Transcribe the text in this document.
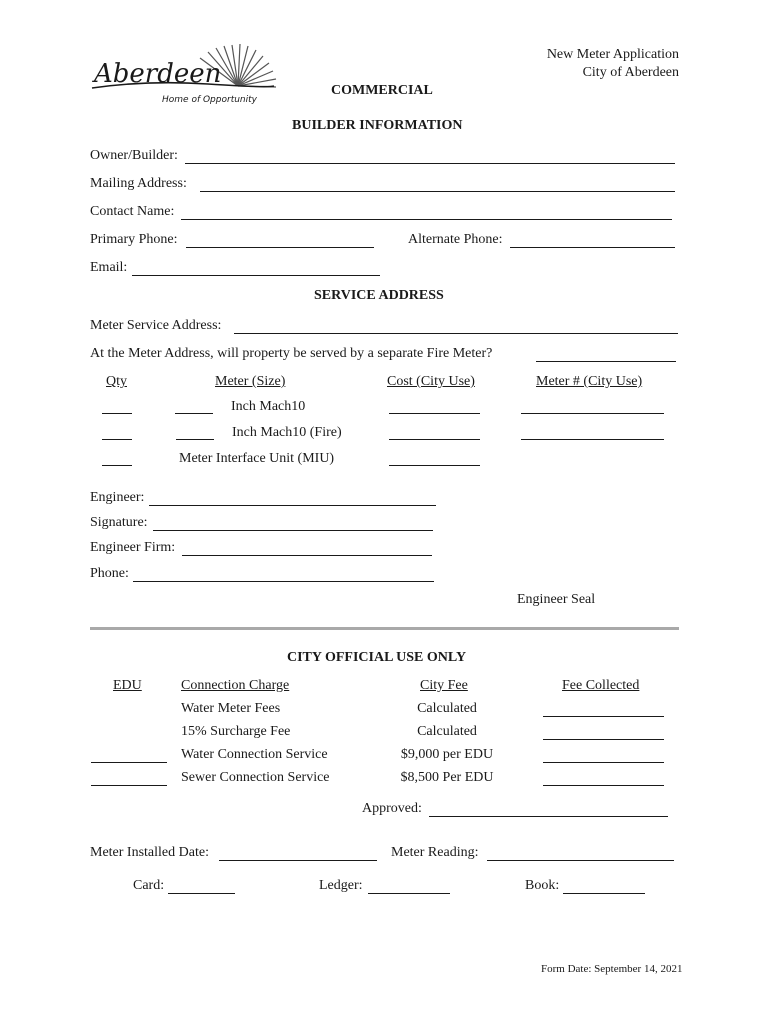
Aberdeen
Home of Opportunity
New Meter Application
City of Aberdeen
COMMERCIAL
BUILDER INFORMATION
Owner/Builder:
Mailing Address:
Contact Name:
Primary Phone:	Alternate Phone:
Email:
SERVICE ADDRESS
Meter Service Address:
At the Meter Address, will property be served by a separate Fire Meter?
Qty	Meter (Size)	Cost (City Use)	Meter # (City Use)
Inch Mach10
Inch Mach10 (Fire)
Meter Interface Unit (MIU)
Engineer:
Signature:
Engineer Firm:
Phone:
Engineer Seal
CITY OFFICIAL USE ONLY
EDU	Connection Charge	City Fee	Fee Collected
Water Meter Fees	Calculated
15% Surcharge Fee	Calculated
Water Connection Service	$9,000 per EDU
Sewer Connection Service	$8,500 Per EDU
Approved:
Meter Installed Date:	Meter Reading:
Card:	Ledger:	Book:
Form Date: September 14, 2021
